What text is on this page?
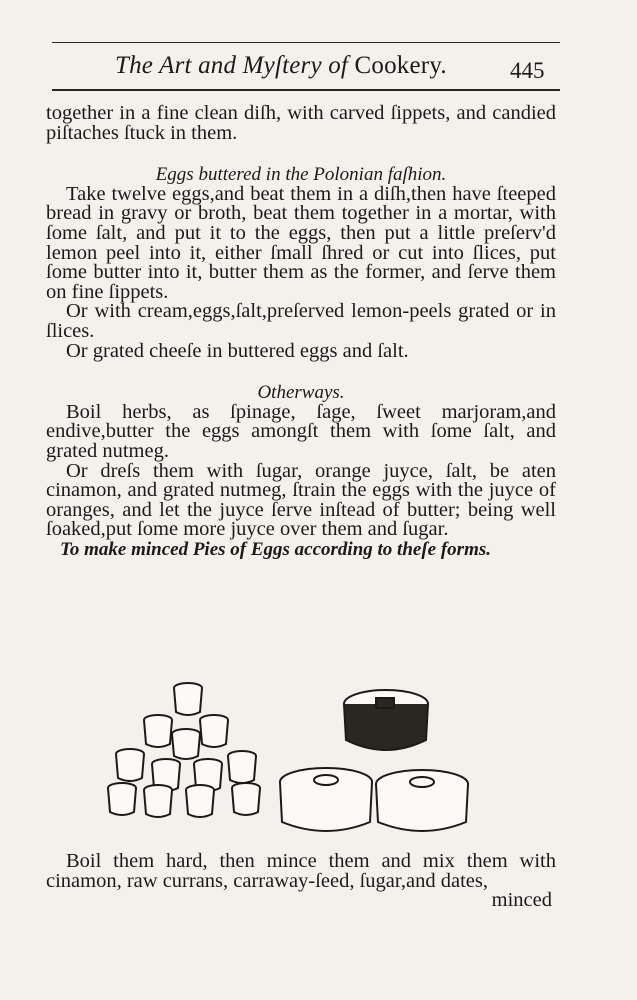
The Art and Myſtery of Cookery.	445

together in a fine clean diſh, with carved ſippets, and candied piſtaches ſtuck in them.

Eggs buttered in the Polonian faſhion.

Take twelve eggs,and beat them in a diſh,then have ſteeped bread in gravy or broth, beat them together in a mortar, with ſome ſalt, and put it to the eggs, then put a little preſerv'd lemon peel into it, either ſmall ſhred or cut into ſlices, put ſome butter into it, butter them as the former, and ſerve them on fine ſippets.

Or with cream,eggs,ſalt,preſerved lemon-peels grated or in ſlices.

Or grated cheeſe in buttered eggs and ſalt.

Otherways.

Boil herbs, as ſpinage, ſage, ſweet marjoram,and endive,butter the eggs amongſt them with ſome ſalt, and grated nutmeg.

Or dreſs them with ſugar, orange juyce, ſalt, be aten cinamon, and grated nutmeg, ſtrain the eggs with the juyce of oranges, and let the juyce ſerve inſtead of butter; being well ſoaked,put ſome more juyce over them and ſugar.

To make minced Pies of Eggs according to theſe forms.

Boil them hard, then mince them and mix them with cinamon, raw currans, carraway-ſeed, ſugar,and dates,

minced
